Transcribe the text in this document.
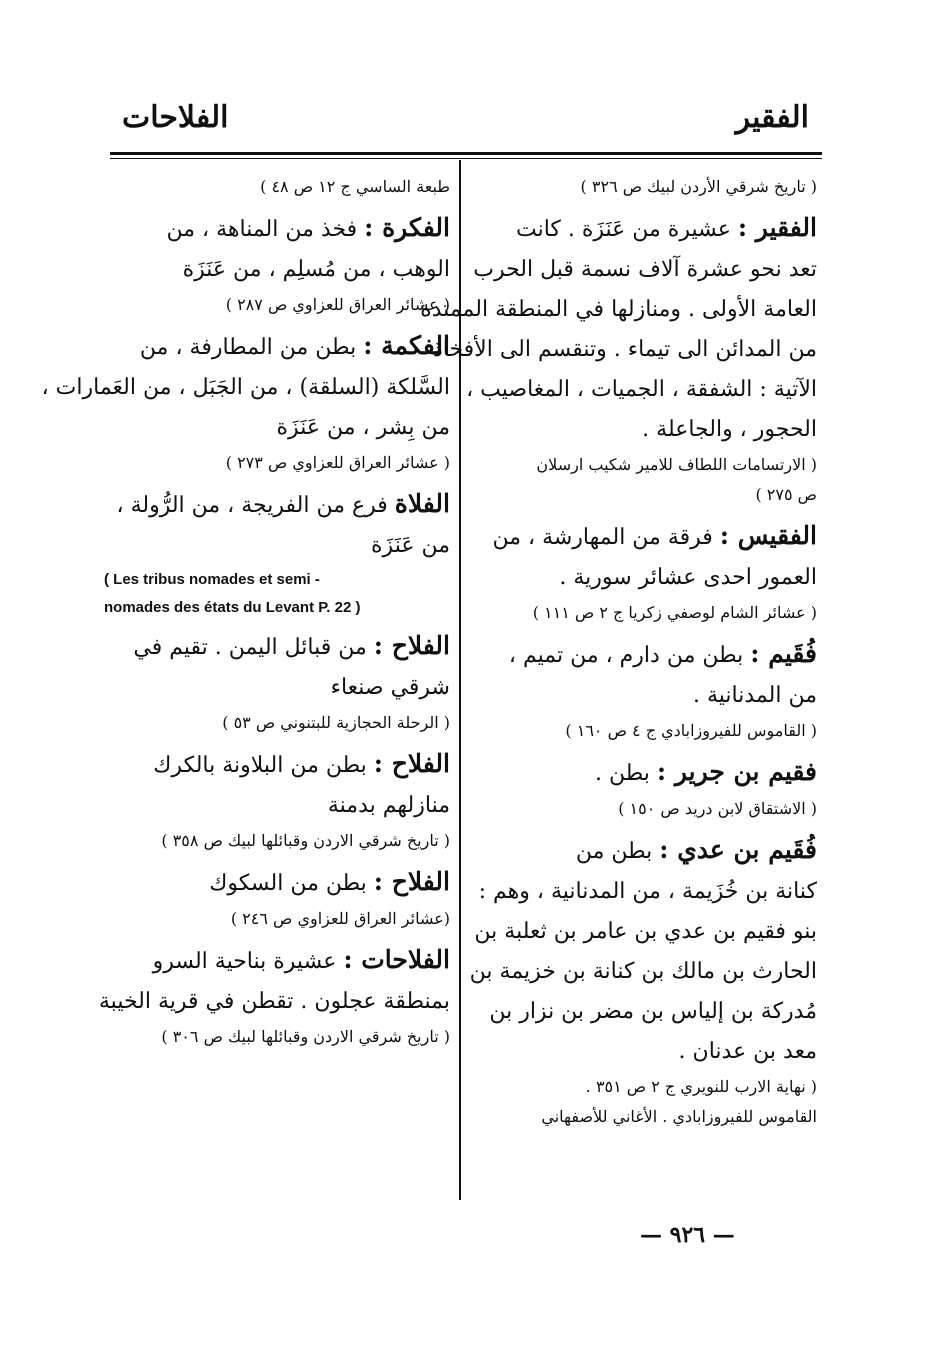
الفقير
الفلاحات
( تاريخ شرقي الأردن لبيك ص ٣٢٦ )
الفقير : عشيرة من عَنَزَة . كانت
تعد نحو عشرة آلاف نسمة قبل الحرب
العامة الأولى . ومنازلها في المنطقة الممتدة
من المدائن الى تيماء . وتنقسم الى الأفخاذ
الآتية : الشفقة ، الجميات ، المغاصيب ،
الحجور ، والجاعلة .
( الارتسامات اللطاف للامير شكيب ارسلان
ص ٢٧٥ )
الفقيس : فرقة من المهارشة ، من
العمور احدى عشائر سورية .
( عشائر الشام لوصفي زكريا ج ٢ ص ١١١ )
فُقَيم : بطن من دارم ، من تميم ،
من المدنانية .
( القاموس للفيروزابادي ج ٤ ص ١٦٠ )
فقيم بن جرير : بطن .
( الاشتقاق لابن دريد ص ١٥٠ )
فُقَيم بن عدي : بطن من
كنانة بن خُزَيمة ، من المدنانية ، وهم :
بنو فقيم بن عدي بن عامر بن ثعلبة بن
الحارث بن مالك بن كنانة بن خزيمة بن
مُدركة بن إلياس بن مضر بن نزار بن
معد بن عدنان .
( نهاية الارب للنويري ج ٢ ص ٣٥١ .
القاموس للفيروزابادي . الأغاني للأصفهاني
طبعة الساسي ج ١٢ ص ٤٨ )
الفكرة : فخذ من المناهة ، من
الوهب ، من مُسلِم ، من عَنَزَة
( عشائر العراق للعزاوي ص ٢٨٧ )
الفكمة : بطن من المطارفة ، من
السَّلكة (السلقة) ، من الجَبَل ، من العَمارات ،
من بِشر ، من عَنَزَة
( عشائر العراق للعزاوي ص ٢٧٣ )
الفلاة فرع من الفريجة ، من الرُّولة ،
من عَنَزَة
( Les tribus nomades et semi -
nomades des états du Levant P. 22 )
الفلاح : من قبائل اليمن . تقيم في
شرقي صنعاء
( الرحلة الحجازية للبتنوني ص ٥٣ )
الفلاح : بطن من البلاونة بالكرك
منازلهم بدمنة
( تاريخ شرقي الاردن وقبائلها لبيك ص ٣٥٨ )
الفلاح : بطن من السكوك
(عشائر العراق للعزاوي ص ٢٤٦ )
الفلاحات : عشيرة بناحية السرو
بمنطقة عجلون . تقطن في قرية الخيبة
( تاريخ شرقي الاردن وقبائلها لبيك ص ٣٠٦ )
— ٩٢٦ —
